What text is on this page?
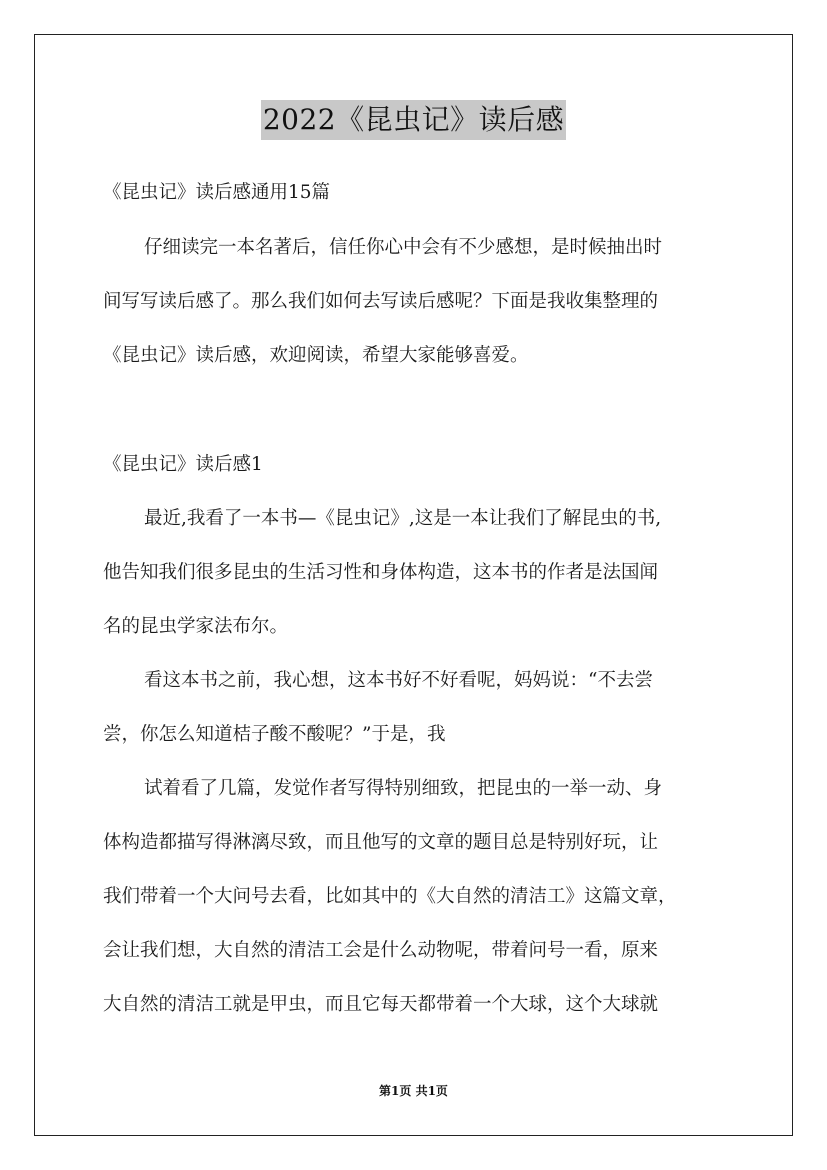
2022《昆虫记》读后感
《昆虫记》读后感通用15篇
仔细读完一本名著后，信任你心中会有不少感想，是时候抽出时
间写写读后感了。那么我们如何去写读后感呢？下面是我收集整理的
《昆虫记》读后感，欢迎阅读，希望大家能够喜爱。
《昆虫记》读后感1
最近,我看了一本书—《昆虫记》,这是一本让我们了解昆虫的书,
他告知我们很多昆虫的生活习性和身体构造，这本书的作者是法国闻
名的昆虫学家法布尔。
看这本书之前，我心想，这本书好不好看呢，妈妈说：“不去尝
尝，你怎么知道桔子酸不酸呢？”于是，我
试着看了几篇，发觉作者写得特别细致，把昆虫的一举一动、身
体构造都描写得淋漓尽致，而且他写的文章的题目总是特别好玩，让
我们带着一个大问号去看，比如其中的《大自然的清洁工》这篇文章，
会让我们想，大自然的清洁工会是什么动物呢，带着问号一看，原来
大自然的清洁工就是甲虫，而且它每天都带着一个大球，这个大球就
第1页 共1页
